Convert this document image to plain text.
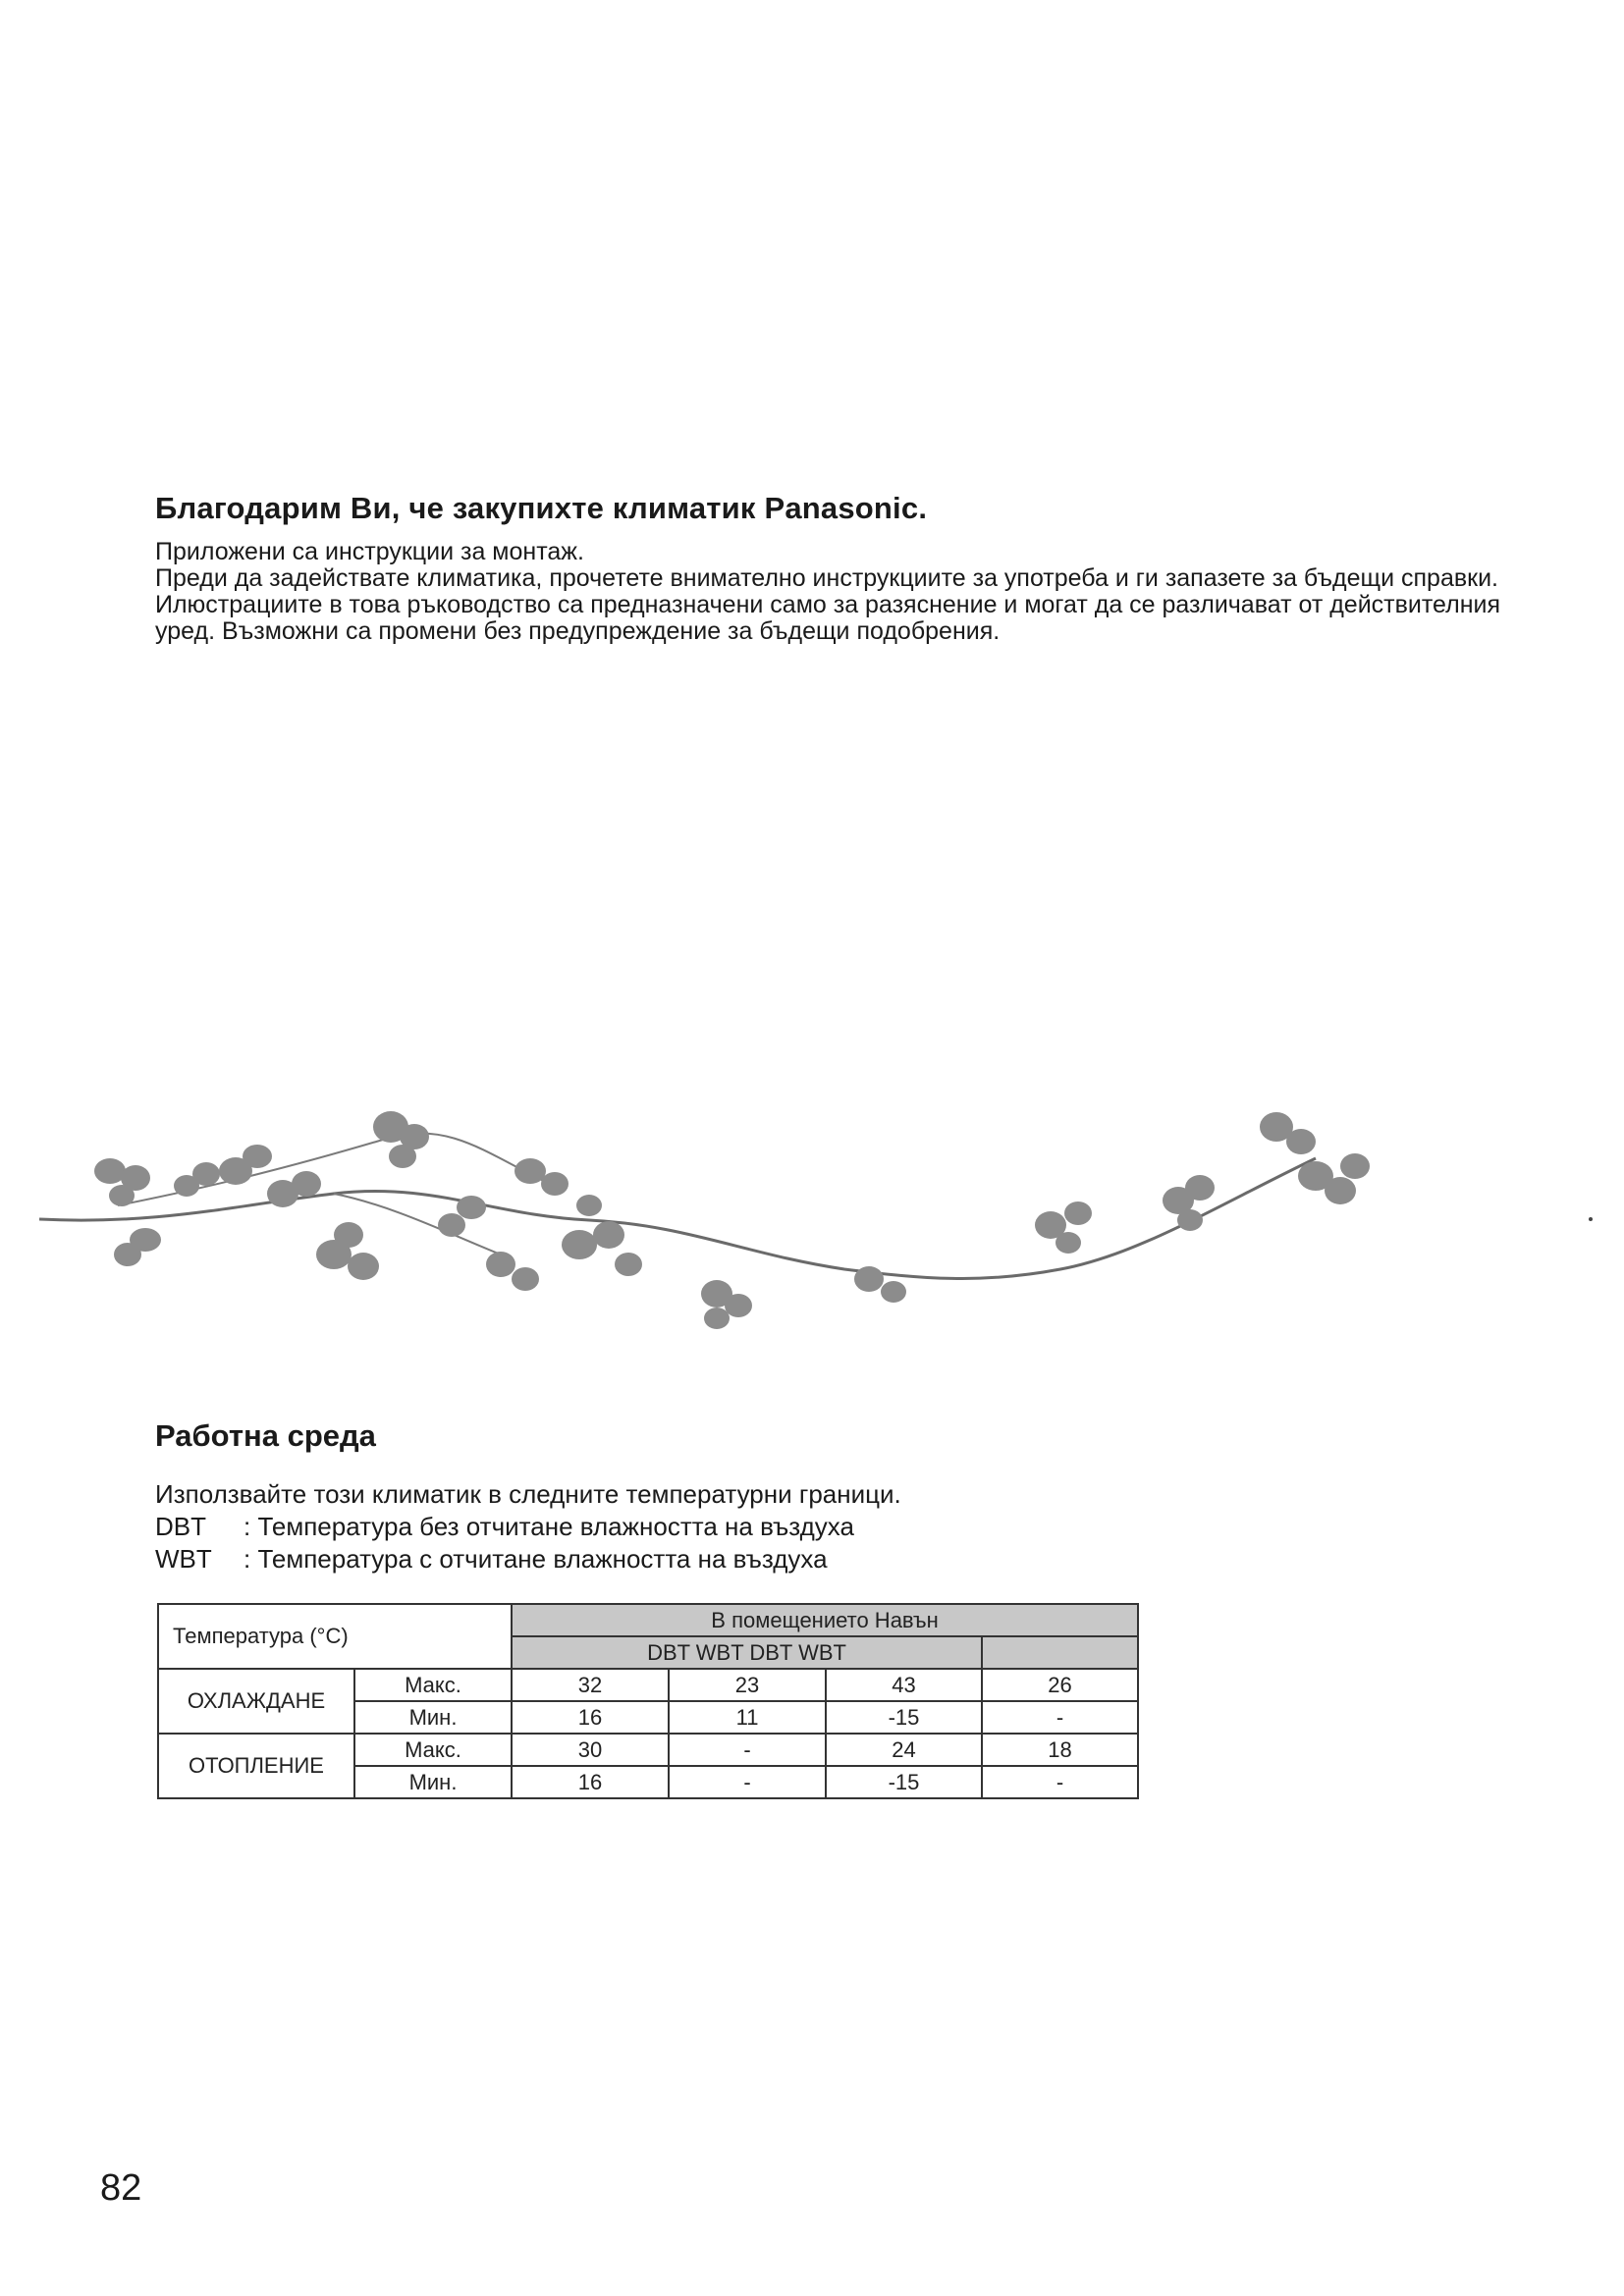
Благодарим Ви, че закупихте климатик Panasonic.

Приложени са инструкции за монтаж.

Преди да задействате климатика, прочетете внимателно инструкциите за употреба и ги запазете за бъдещи справки.

Илюстрациите в това ръководство са предназначени само за разяснение и могат да се различават от действителния уред. Възможни са промени без предупреждение за бъдещи подобрения.

Работна среда

Използвайте този климатик в следните температурни граници.

DBT : Температура без отчитане влажността на въздуха

WBT : Температура с отчитане влажността на въздуха

Температура (°C)		В помещението Навън			
		DBT WBT DBT WBT			
ОХЛАЖДАНЕ	Макс.	32	23	43	26
	Мин.	16	11	-15	-
ОТОПЛЕНИЕ	Макс.	30	-	24	18
	Мин.	16	-	-15	-

82
